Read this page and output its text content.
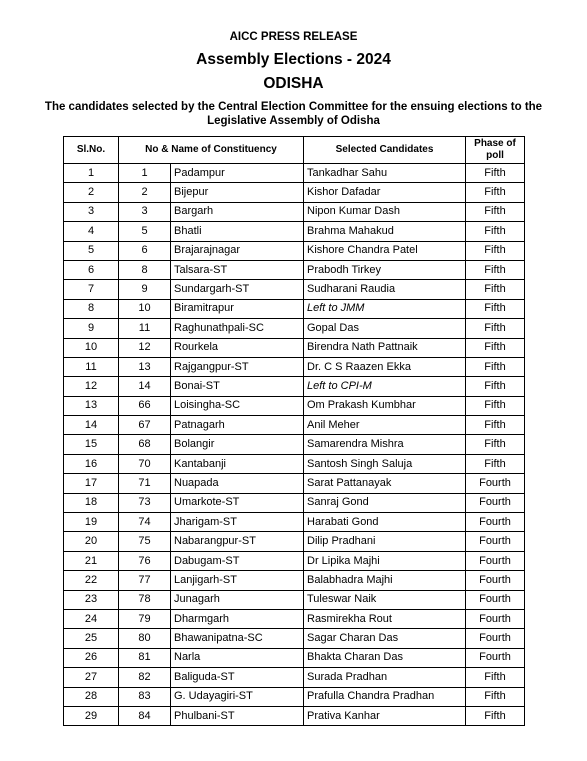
AICC PRESS RELEASE
Assembly Elections - 2024
ODISHA
The candidates selected by the Central Election Committee for the ensuing elections to the Legislative Assembly of Odisha
Sl.No.	No & Name of Constituency		Selected Candidates	Phase of poll
1	1	Padampur	Tankadhar Sahu	Fifth
2	2	Bijepur	Kishor Dafadar	Fifth
3	3	Bargarh	Nipon Kumar Dash	Fifth
4	5	Bhatli	Brahma Mahakud	Fifth
5	6	Brajarajnagar	Kishore Chandra Patel	Fifth
6	8	Talsara-ST	Prabodh Tirkey	Fifth
7	9	Sundargarh-ST	Sudharani Raudia	Fifth
8	10	Biramitrapur	Left to JMM	Fifth
9	11	Raghunathpali-SC	Gopal Das	Fifth
10	12	Rourkela	Birendra Nath Pattnaik	Fifth
11	13	Rajgangpur-ST	Dr. C S Raazen Ekka	Fifth
12	14	Bonai-ST	Left to CPI-M	Fifth
13	66	Loisingha-SC	Om Prakash Kumbhar	Fifth
14	67	Patnagarh	Anil Meher	Fifth
15	68	Bolangir	Samarendra Mishra	Fifth
16	70	Kantabanji	Santosh Singh Saluja	Fifth
17	71	Nuapada	Sarat Pattanayak	Fourth
18	73	Umarkote-ST	Sanraj Gond	Fourth
19	74	Jharigam-ST	Harabati Gond	Fourth
20	75	Nabarangpur-ST	Dilip Pradhani	Fourth
21	76	Dabugam-ST	Dr Lipika Majhi	Fourth
22	77	Lanjigarh-ST	Balabhadra Majhi	Fourth
23	78	Junagarh	Tuleswar Naik	Fourth
24	79	Dharmgarh	Rasmirekha Rout	Fourth
25	80	Bhawanipatna-SC	Sagar Charan Das	Fourth
26	81	Narla	Bhakta Charan Das	Fourth
27	82	Baliguda-ST	Surada Pradhan	Fifth
28	83	G. Udayagiri-ST	Prafulla Chandra Pradhan	Fifth
29	84	Phulbani-ST	Prativa Kanhar	Fifth
